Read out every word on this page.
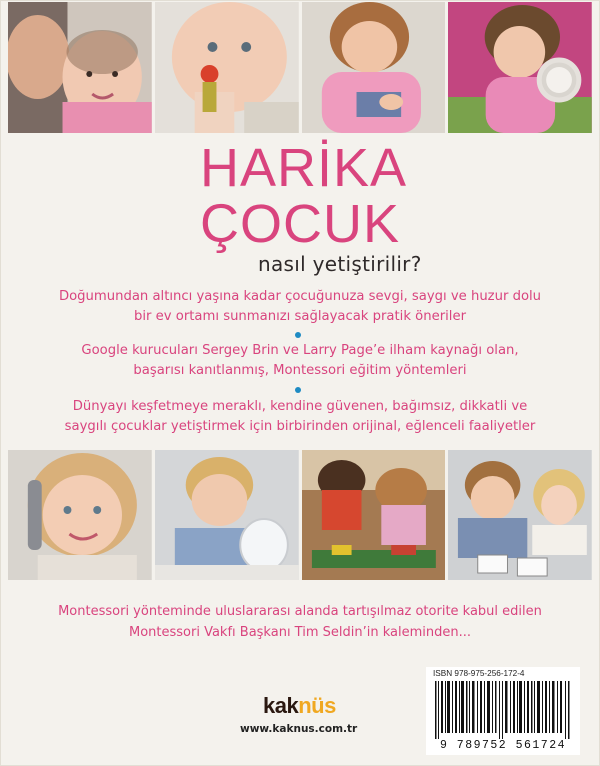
HARİKA
ÇOCUK
nasıl yetiştirilir?
Doğumundan altıncı yaşına kadar çocuğunuza sevgi, saygı ve huzur dolu
bir ev ortamı sunmanızı sağlayacak pratik öneriler
Google kurucuları Sergey Brin ve Larry Page’e ilham kaynağı olan,
başarısı kanıtlanmış, Montessori eğitim yöntemleri
Dünyayı keşfetmeye meraklı, kendine güvenen, bağımsız, dikkatli ve
saygılı çocuklar yetiştirmek için birbirinden orijinal, eğlenceli faaliyetler
Montessori yönteminde uluslararası alanda tartışılmaz otorite kabul edilen
Montessori Vakfı Başkanı Tim Seldin’in kaleminden...
kaknüs
www.kaknus.com.tr
ISBN 978-975-256-172-4
9 789752 561724
